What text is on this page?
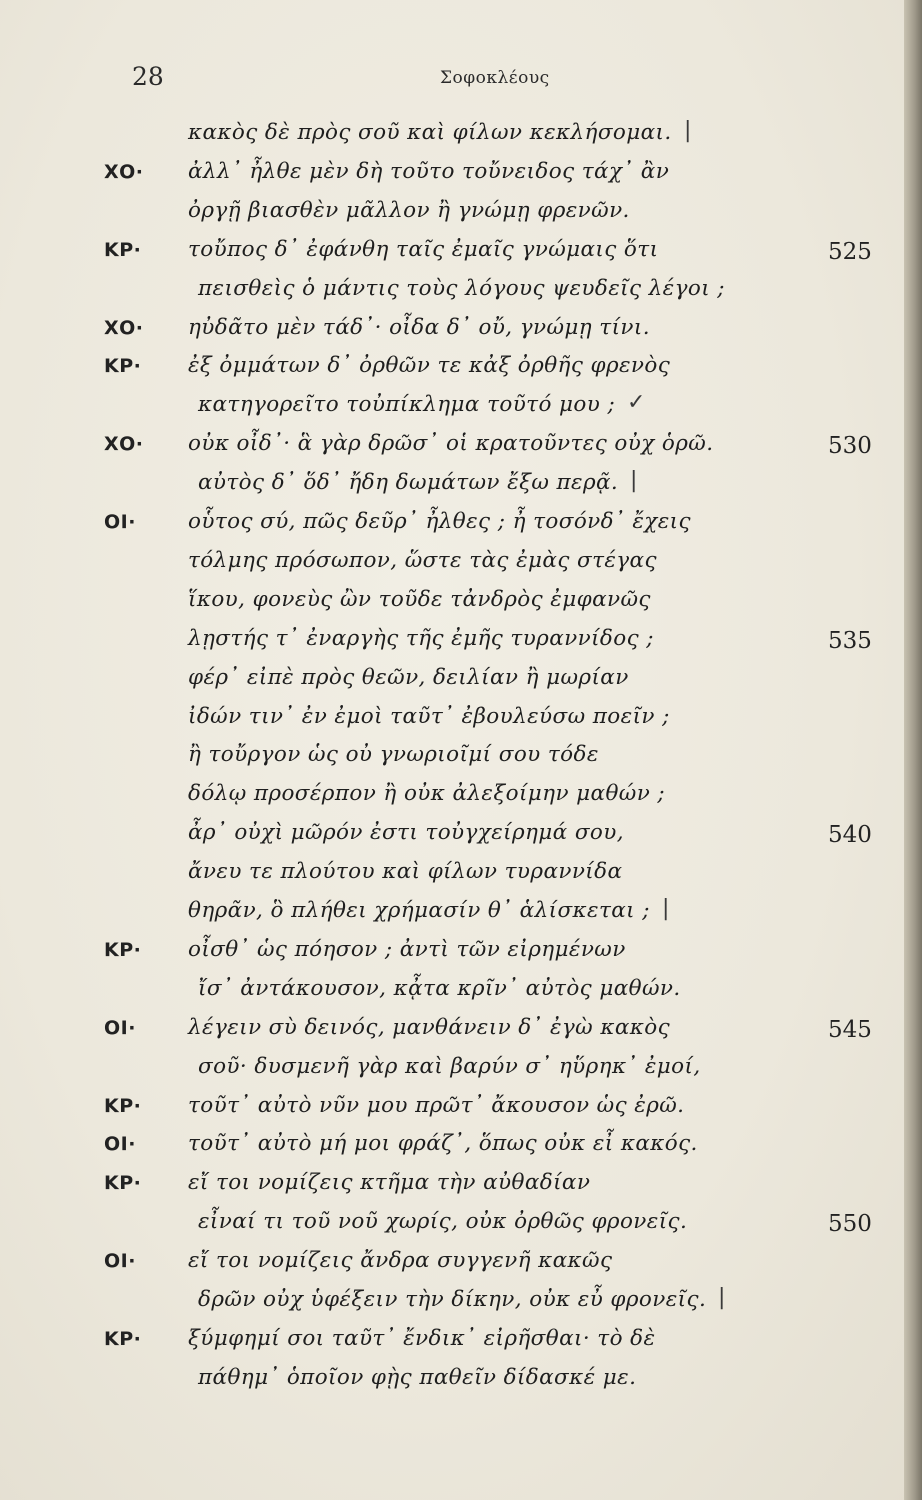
28	Σοφοκλέους
κακὸς δὲ πρὸς σοῦ καὶ φίλων κεκλήσομαι. |
ΧΟ· ἀλλ᾽ ἦλθε μὲν δὴ τοῦτο τοὔνειδος τάχ᾽ ἂν
ὀργῇ βιασθὲν μᾶλλον ἢ γνώμῃ φρενῶν.
ΚΡ· τοὔπος δ᾽ ἐφάνθη ταῖς ἐμαῖς γνώμαις ὅτι	525
πεισθεὶς ὁ μάντις τοὺς λόγους ψευδεῖς λέγοι ;
ΧΟ· ηὐδᾶτο μὲν τάδ᾽· οἶδα δ᾽ οὔ, γνώμῃ τίνι.
ΚΡ· ἐξ ὀμμάτων δ᾽ ὀρθῶν τε κἀξ ὀρθῆς φρενὸς
κατηγορεῖτο τοὐπίκλημα τοῦτό μου ; ✓
ΧΟ· οὐκ οἶδ᾽· ἃ γὰρ δρῶσ᾽ οἱ κρατοῦντες οὐχ ὁρῶ.	530
αὐτὸς δ᾽ ὅδ᾽ ἤδη δωμάτων ἔξω περᾷ. |
ΟΙ· οὗτος σύ, πῶς δεῦρ᾽ ἦλθες ; ἦ τοσόνδ᾽ ἔχεις
τόλμης πρόσωπον, ὥστε τὰς ἐμὰς στέγας
ἵκου, φονεὺς ὢν τοῦδε τἀνδρὸς ἐμφανῶς
λῃστής τ᾽ ἐναργὴς τῆς ἐμῆς τυραννίδος ;	535
φέρ᾽ εἰπὲ πρὸς θεῶν, δειλίαν ἢ μωρίαν
ἰδών τιν᾽ ἐν ἐμοὶ ταῦτ᾽ ἐβουλεύσω ποεῖν ;
ἢ τοὔργον ὡς οὐ γνωριοῖμί σου τόδε
δόλῳ προσέρπον ἢ οὐκ ἀλεξοίμην μαθών ;
ἆρ᾽ οὐχὶ μῶρόν ἐστι τοὐγχείρημά σου,	540
ἄνευ τε πλούτου καὶ φίλων τυραννίδα
θηρᾶν, ὃ πλήθει χρήμασίν θ᾽ ἁλίσκεται ; |
ΚΡ· οἶσθ᾽ ὡς πόησον ; ἀντὶ τῶν εἰρημένων
ἴσ᾽ ἀντάκουσον, κᾆτα κρῖν᾽ αὐτὸς μαθών.
ΟΙ· λέγειν σὺ δεινός, μανθάνειν δ᾽ ἐγὼ κακὸς	545
σοῦ· δυσμενῆ γὰρ καὶ βαρύν σ᾽ ηὕρηκ᾽ ἐμοί,
ΚΡ· τοῦτ᾽ αὐτὸ νῦν μου πρῶτ᾽ ἄκουσον ὡς ἐρῶ.
ΟΙ· τοῦτ᾽ αὐτὸ μή μοι φράζ᾽, ὅπως οὐκ εἶ κακός.
ΚΡ· εἴ τοι νομίζεις κτῆμα τὴν αὐθαδίαν
εἶναί τι τοῦ νοῦ χωρίς, οὐκ ὀρθῶς φρονεῖς.	550
ΟΙ· εἴ τοι νομίζεις ἄνδρα συγγενῆ κακῶς
δρῶν οὐχ ὑφέξειν τὴν δίκην, οὐκ εὖ φρονεῖς. |
ΚΡ· ξύμφημί σοι ταῦτ᾽ ἔνδικ᾽ εἰρῆσθαι· τὸ δὲ
πάθημ᾽ ὁποῖον φῂς παθεῖν δίδασκέ με.
